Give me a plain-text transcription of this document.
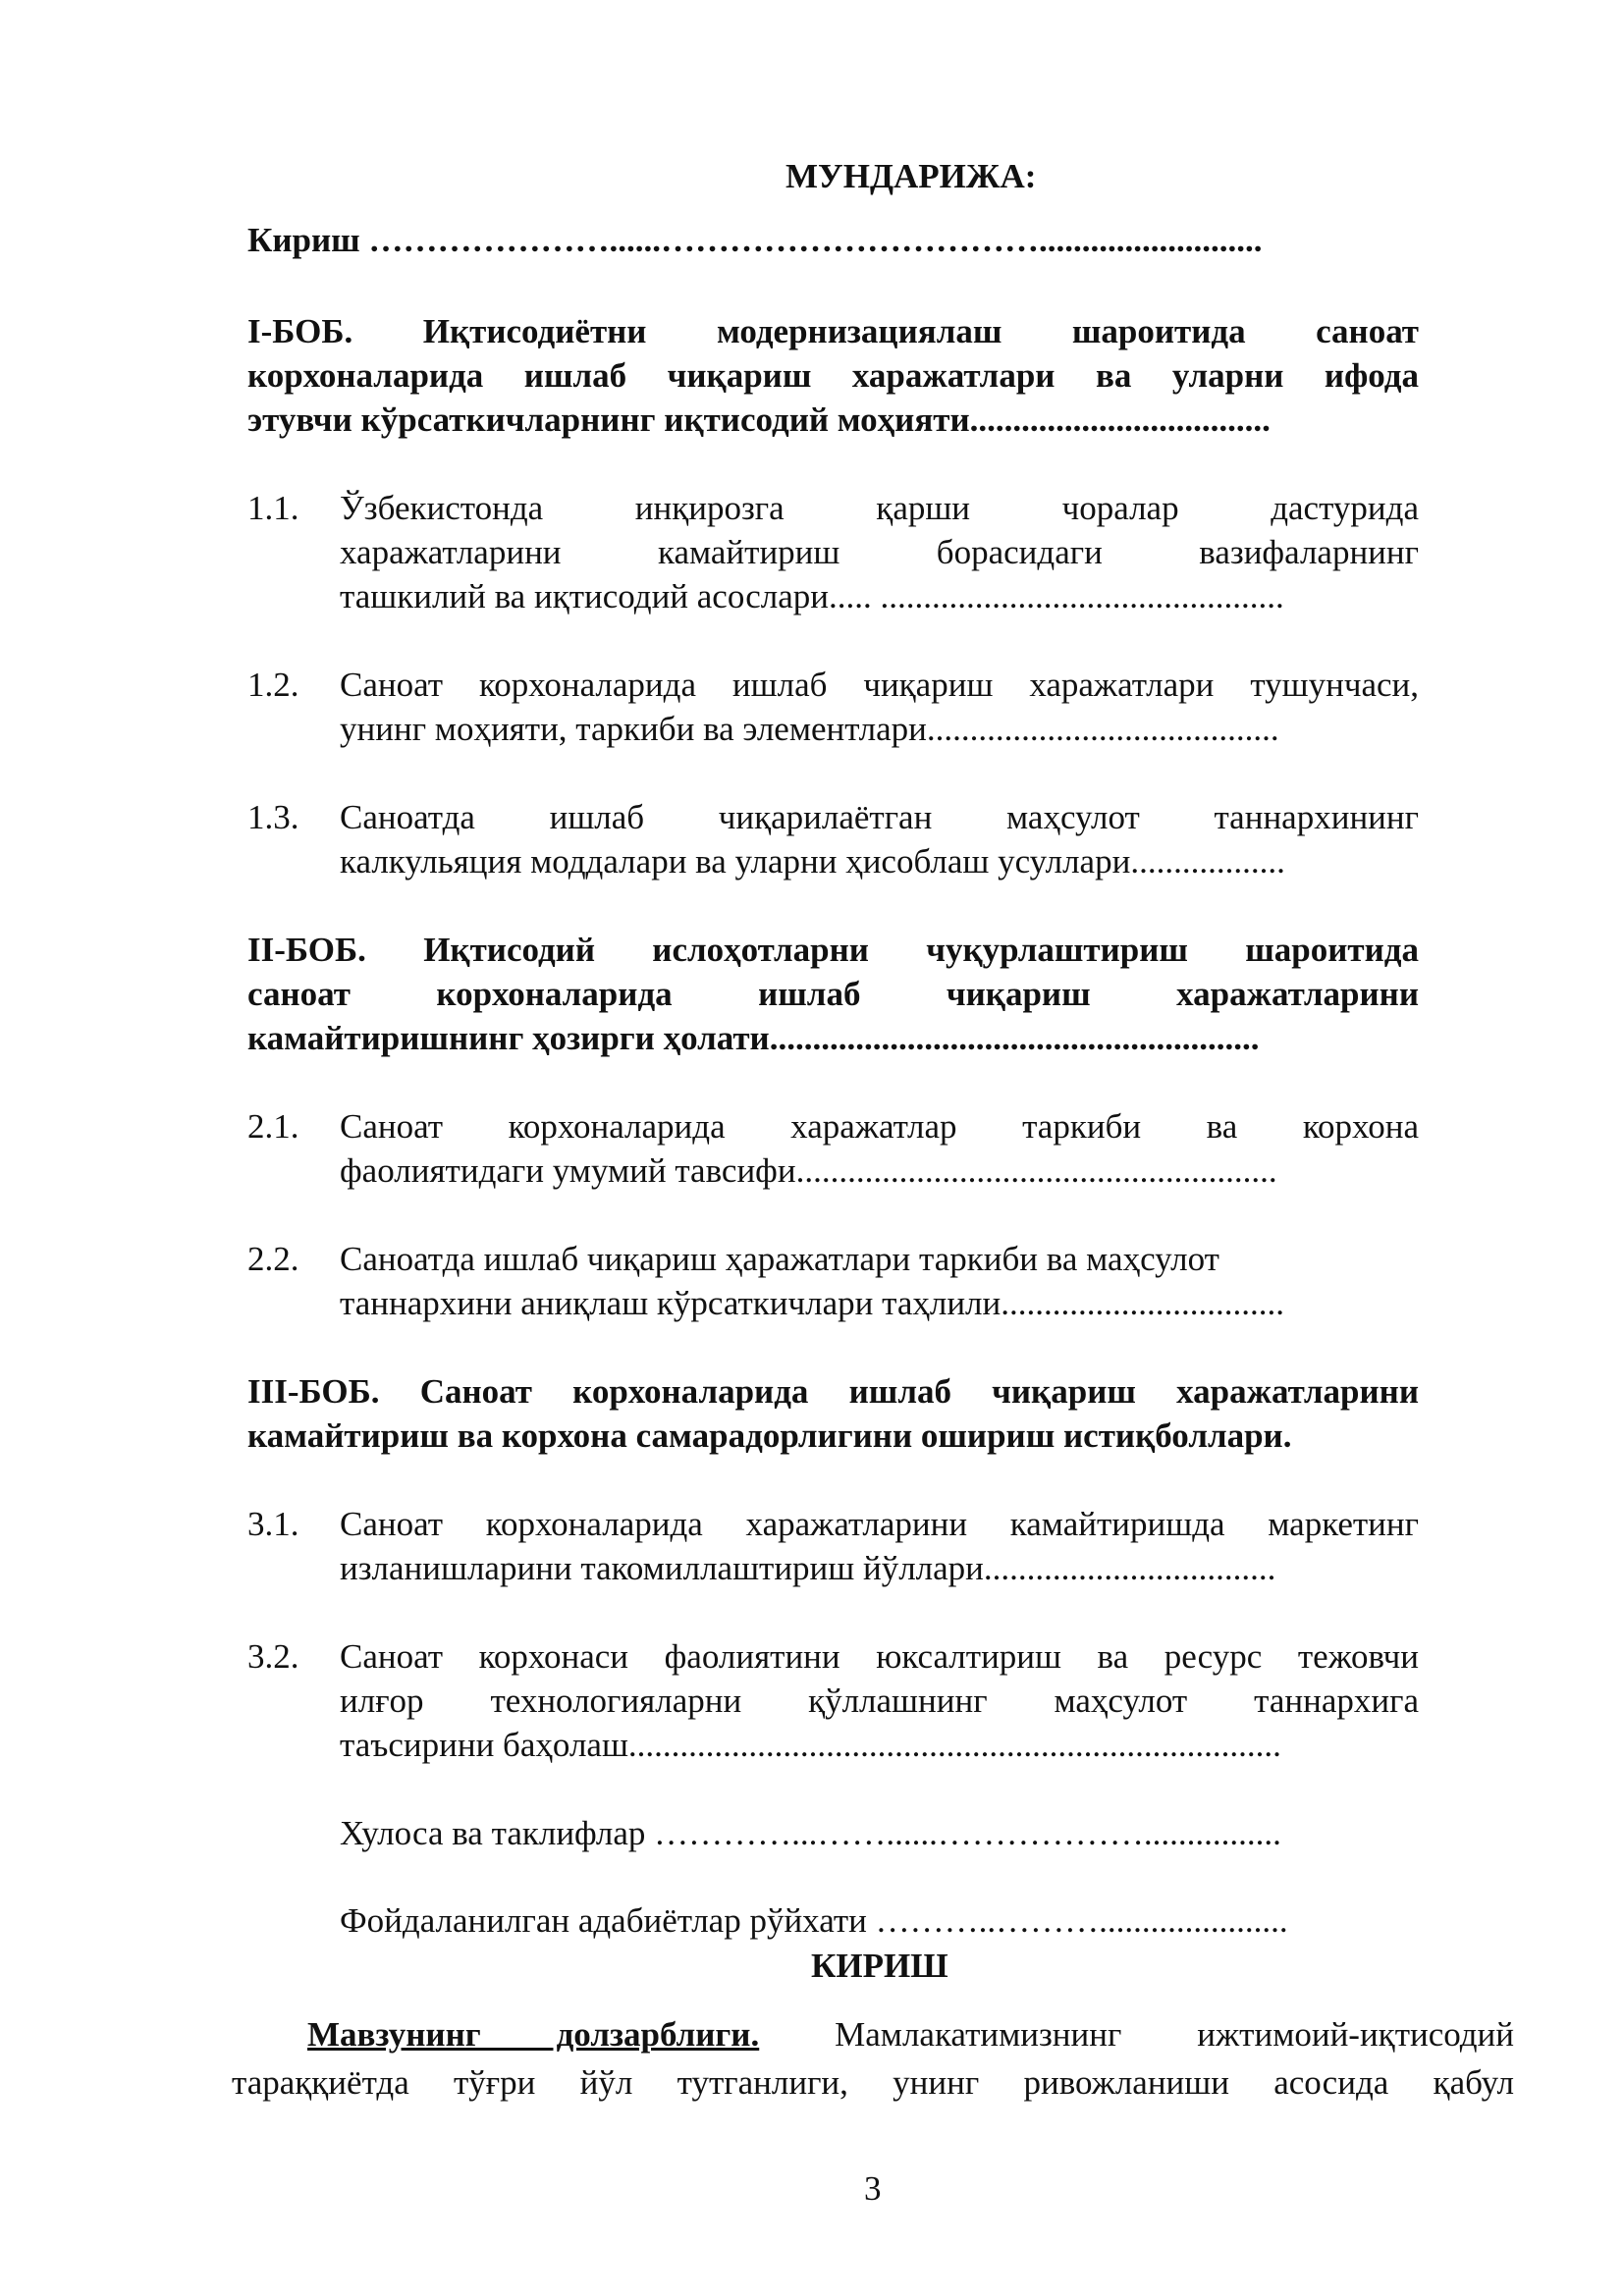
МУНДАРИЖА:
Кириш …………………......……………………………..........................
I-БОБ. Иқтисодиётни модернизациялаш шароитида саноат
корхоналарида ишлаб чиқариш харажатлари ва уларни ифода
этувчи кўрсаткичларнинг иқтисодий моҳияти...................................
1.1. Ўзбекистонда инқирозга қарши чоралар дастурида
харажатларини камайтириш борасидаги вазифаларнинг
ташкилий ва иқтисодий асослари..... ...............................................
1.2. Саноат корхоналарида ишлаб чиқариш харажатлари тушунчаси,
унинг моҳияти, таркиби ва элементлари.........................................
1.3. Саноатда ишлаб чиқарилаётган маҳсулот таннархининг
калкульяция моддалари ва уларни ҳисоблаш усуллари..................
II-БОБ. Иқтисодий ислоҳотларни чуқурлаштириш шароитида
саноат корхоналарида ишлаб чиқариш харажатларини
камайтиришнинг ҳозирги ҳолати.........................................................
2.1. Саноат корхоналарида харажатлар таркиби ва корхона
фаолиятидаги умумий тавсифи........................................................
2.2. Саноатда ишлаб чиқариш ҳаражатлари таркиби ва маҳсулот
таннархини аниқлаш кўрсаткичлари таҳлили.................................
III-БОБ. Саноат корхоналарида ишлаб чиқариш харажатларини
камайтириш ва корхона самарадорлигини ошириш истиқболлари.
3.1. Саноат корхоналарида харажатларини камайтиришда маркетинг
изланишларини такомиллаштириш йўллари..................................
3.2. Саноат корхонаси фаолиятини юксалтириш ва ресурс тежовчи
илғор технологияларни қўллашнинг маҳсулот таннархига
таъсирини баҳолаш............................................................................
Хулоса ва таклифлар …………...……......………………................
Фойдаланилган адабиётлар рўйхати ………..………......................
КИРИШ
Мавзунинг долзарблиги. Мамлакатимизнинг ижтимоий-иқтисодий
тараққиётда тўғри йўл тутганлиги, унинг ривожланиши асосида қабул
3
